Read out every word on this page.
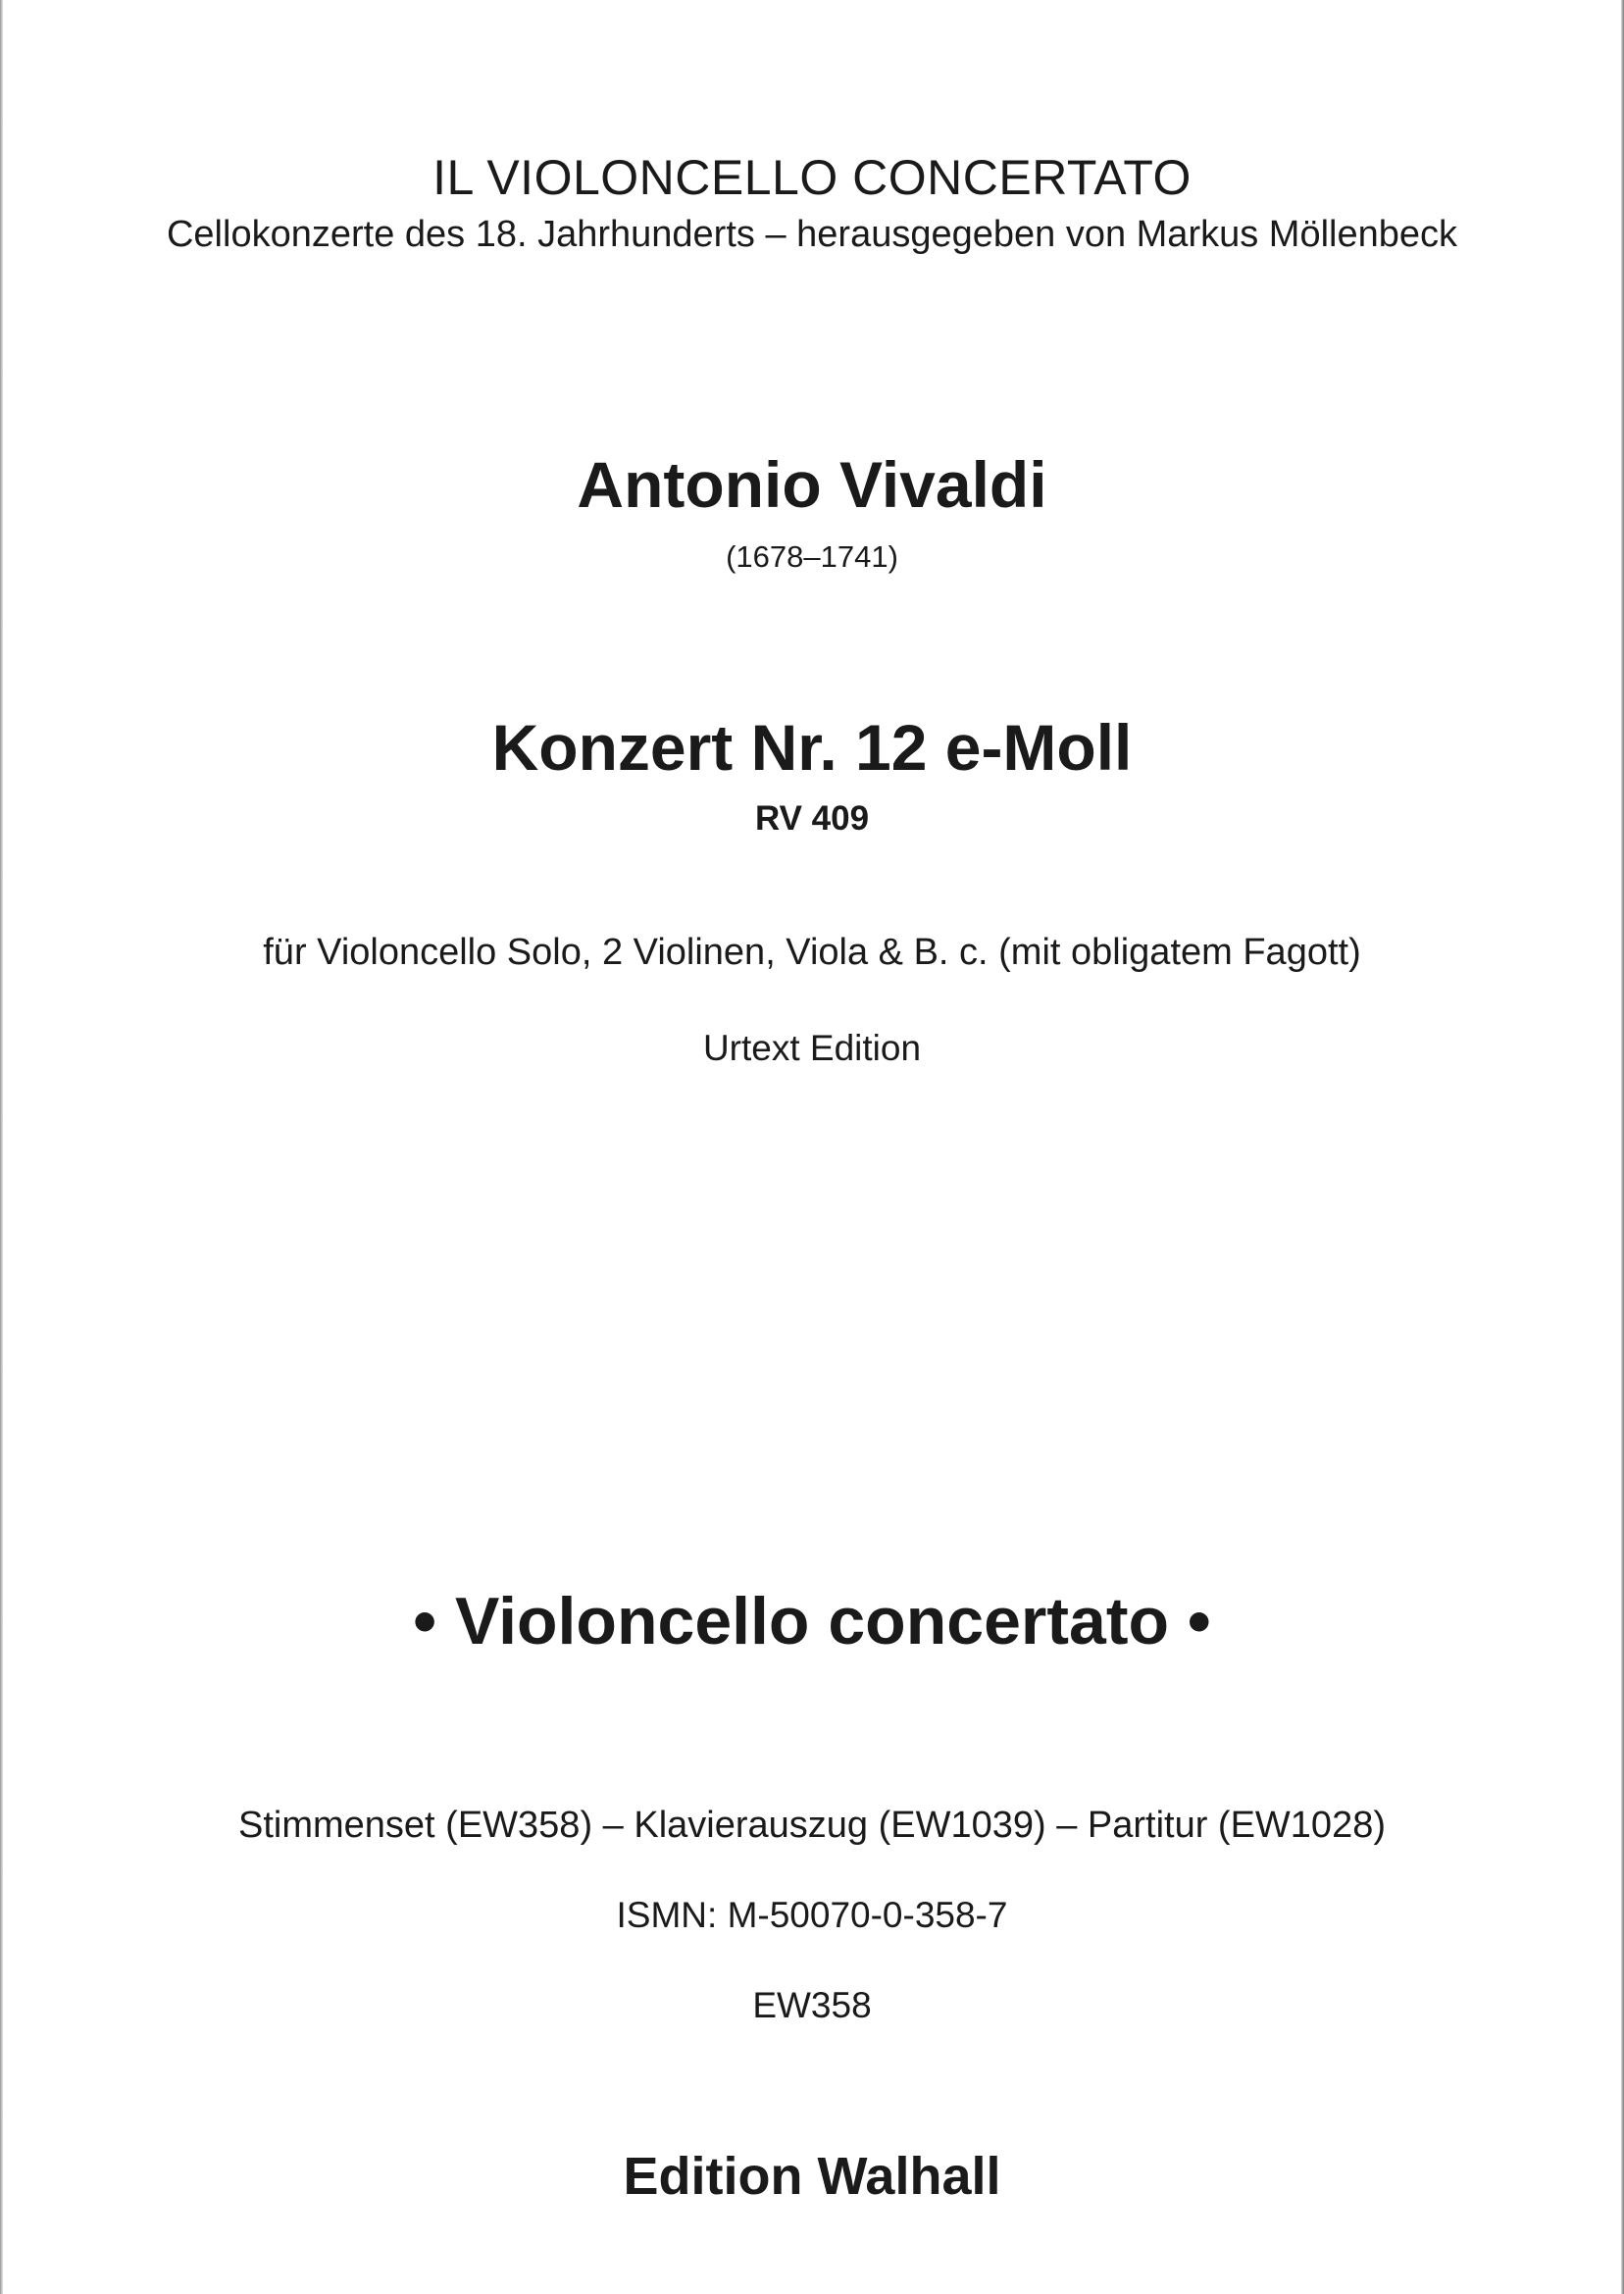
IL VIOLONCELLO CONCERTATO
Cellokonzerte des 18. Jahrhunderts – herausgegeben von Markus Möllenbeck
Antonio Vivaldi
(1678–1741)
Konzert Nr. 12 e-Moll
RV 409
für Violoncello Solo, 2 Violinen, Viola & B. c. (mit obligatem Fagott)
Urtext Edition
• Violoncello concertato •
Stimmenset (EW358) – Klavierauszug (EW1039) – Partitur (EW1028)
ISMN: M-50070-0-358-7
EW358
Edition Walhall
